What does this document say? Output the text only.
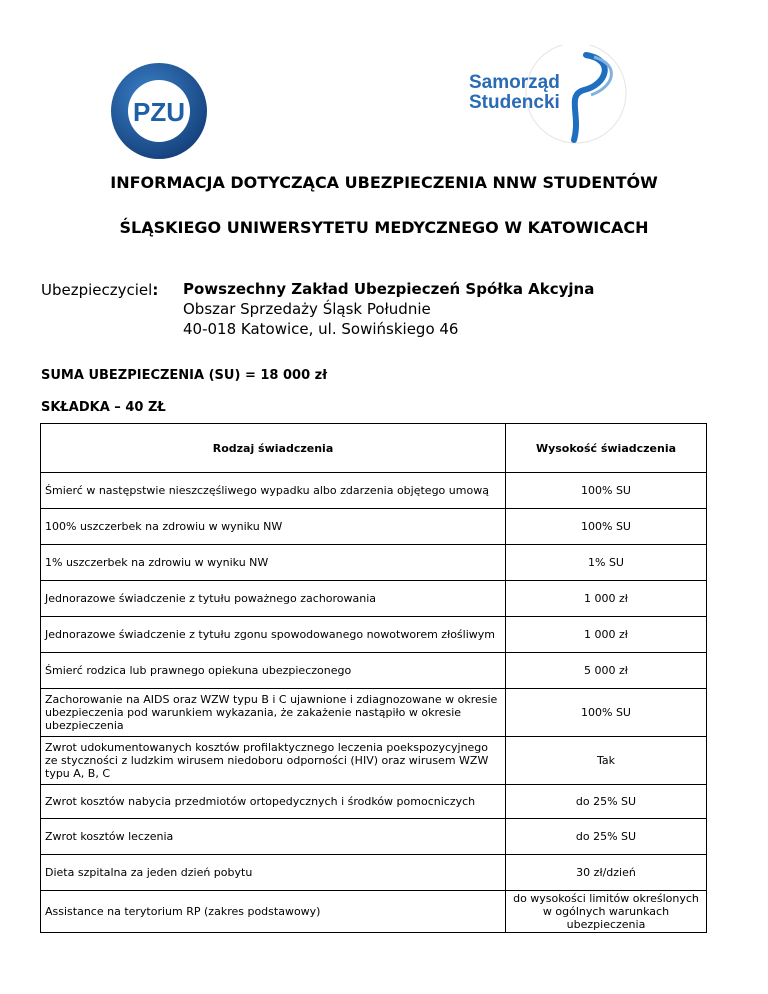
PZU
Samorząd
Studencki
INFORMACJA DOTYCZĄCA UBEZPIECZENIA NNW STUDENTÓW
ŚLĄSKIEGO UNIWERSYTETU MEDYCZNEGO W KATOWICACH
Ubezpieczyciel: Powszechny Zakład Ubezpieczeń Spółka Akcyjna
Obszar Sprzedaży Śląsk Południe
40-018 Katowice, ul. Sowińskiego 46
SUMA UBEZPIECZENIA (SU) = 18 000 zł
SKŁADKA – 40 ZŁ
Rodzaj świadczenia	Wysokość świadczenia
Śmierć w następstwie nieszczęśliwego wypadku albo zdarzenia objętego umową	100% SU
100% uszczerbek na zdrowiu w wyniku NW	100% SU
1% uszczerbek na zdrowiu w wyniku NW	1% SU
Jednorazowe świadczenie z tytułu poważnego zachorowania	1 000 zł
Jednorazowe świadczenie z tytułu zgonu spowodowanego nowotworem złośliwym	1 000 zł
Śmierć rodzica lub prawnego opiekuna ubezpieczonego	5 000 zł
Zachorowanie na AIDS oraz WZW typu B i C ujawnione i zdiagnozowane w okresie ubezpieczenia pod warunkiem wykazania, że zakażenie nastąpiło w okresie ubezpieczenia	100% SU
Zwrot udokumentowanych kosztów profilaktycznego leczenia poekspozycyjnego ze styczności z ludzkim wirusem niedoboru odporności (HIV) oraz wirusem WZW typu A, B, C	Tak
Zwrot kosztów nabycia przedmiotów ortopedycznych i środków pomocniczych	do 25% SU
Zwrot kosztów leczenia	do 25% SU
Dieta szpitalna za jeden dzień pobytu	30 zł/dzień
Assistance na terytorium RP (zakres podstawowy)	do wysokości limitów określonych w ogólnych warunkach ubezpieczenia
